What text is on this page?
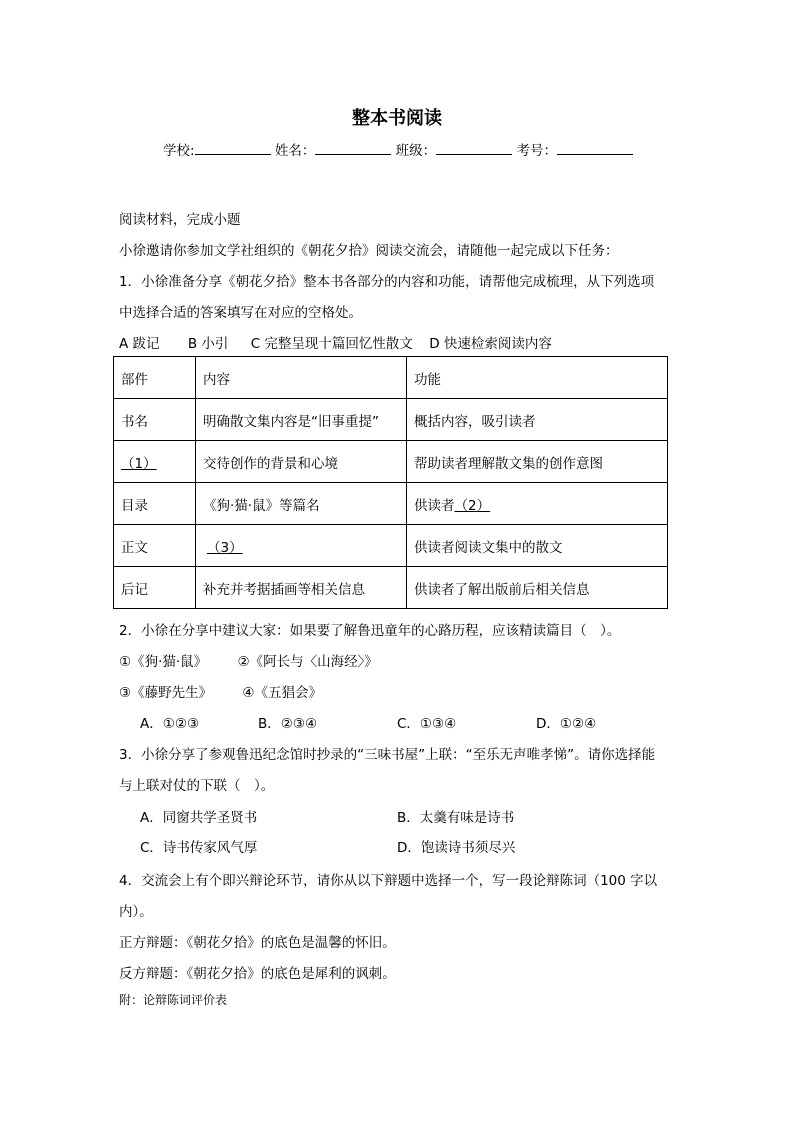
整本书阅读
学校:	姓名：	班级：	考号：
阅读材料，完成小题
小徐邀请你参加文学社组织的《朝花夕拾》阅读交流会，请随他一起完成以下任务：
1．小徐准备分享《朝花夕拾》整本书各部分的内容和功能，请帮他完成梳理，从下列选项
中选择合适的答案填写在对应的空格处。
A 跋记 B 小引 C 完整呈现十篇回忆性散文 D 快速检索阅读内容
部件	内容	功能
书名	明确散文集内容是“旧事重提”	概括内容，吸引读者
（1）	交待创作的背景和心境	帮助读者理解散文集的创作意图
目录	《狗·猫·鼠》等篇名	供读者（2）
正文	（3）	供读者阅读文集中的散文
后记	补充并考据插画等相关信息	供读者了解出版前后相关信息
2．小徐在分享中建议大家：如果要了解鲁迅童年的心路历程，应该精读篇目（　）。
①《狗·猫·鼠》 ②《阿长与〈山海经〉》
③《藤野先生》 ④《五猖会》
A．①②③	B．②③④	C．①③④	D．①②④
3．小徐分享了参观鲁迅纪念馆时抄录的“三味书屋”上联：“至乐无声唯孝悌”。请你选择能
与上联对仗的下联（　）。
A．同窗共学圣贤书	B．太羹有味是诗书
C．诗书传家风气厚	D．饱读诗书须尽兴
4．交流会上有个即兴辩论环节，请你从以下辩题中选择一个，写一段论辩陈词（100 字以
内）。
正方辩题：《朝花夕拾》的底色是温馨的怀旧。
反方辩题：《朝花夕拾》的底色是犀利的讽刺。
附：论辩陈词评价表
